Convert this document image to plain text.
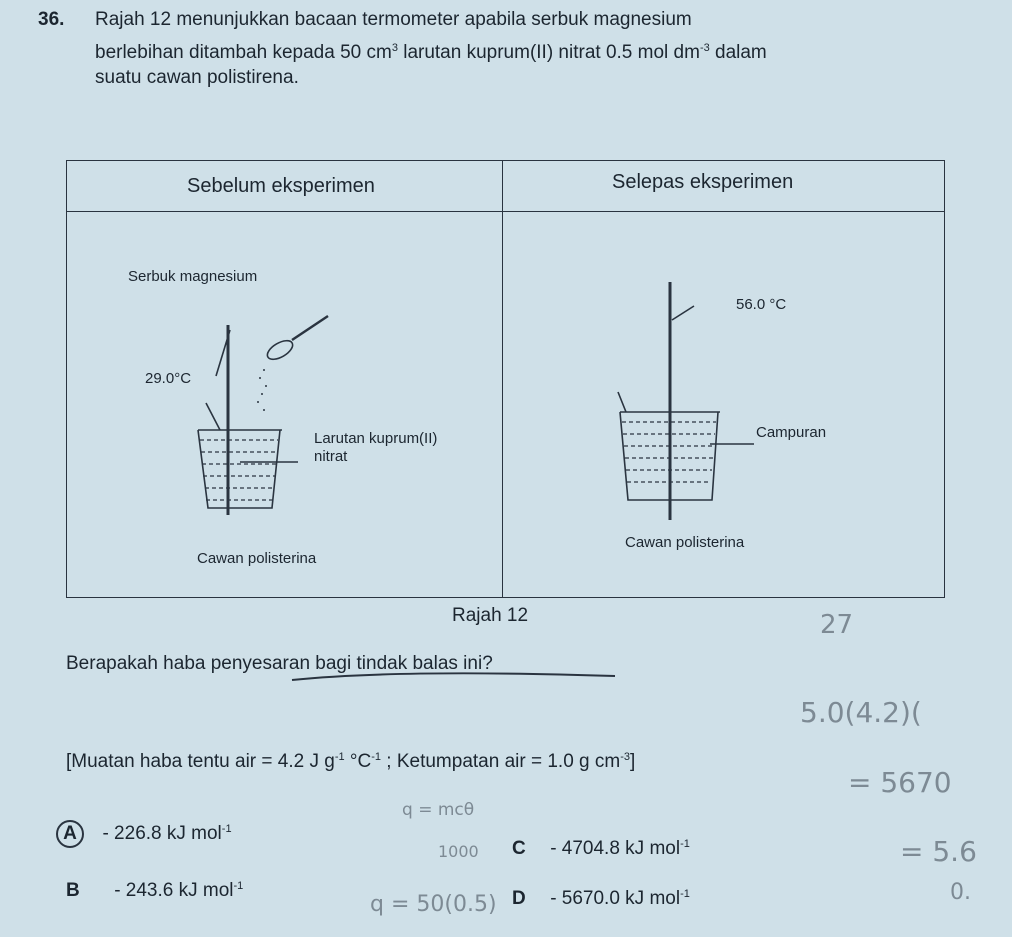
36. Rajah 12 menunjukkan bacaan termometer apabila serbuk magnesium
berlebihan ditambah kepada 50 $cm^3$ larutan kuprum(II) nitrat 0.5 mol $dm^{-3}$ dalam
suatu cawan polistirena.
Sebelum eksperimen	Selepas eksperimen
Serbuk magnesium
29.0°C
Larutan kuprum(II)
nitrat
Cawan polisterina
56.0 °C
Campuran
Cawan polisterina
Rajah 12
Berapakah haba penyesaran bagi tindak balas ini?
[Muatan haba tentu air = 4.2 J $g^{-1}$ $^\circ C^{-1}$ ; Ketumpatan air = 1.0 g $cm^{-3}$]
A - 226.8 kJ mol$^{-1}$
B - 243.6 kJ mol$^{-1}$
C - 4704.8 kJ mol$^{-1}$
D - 5670.0 kJ mol$^{-1}$
27
5.0(4.2)(
= 5670
= 5.6
q = mcθ
1000
q = 50(0.5)	0.
